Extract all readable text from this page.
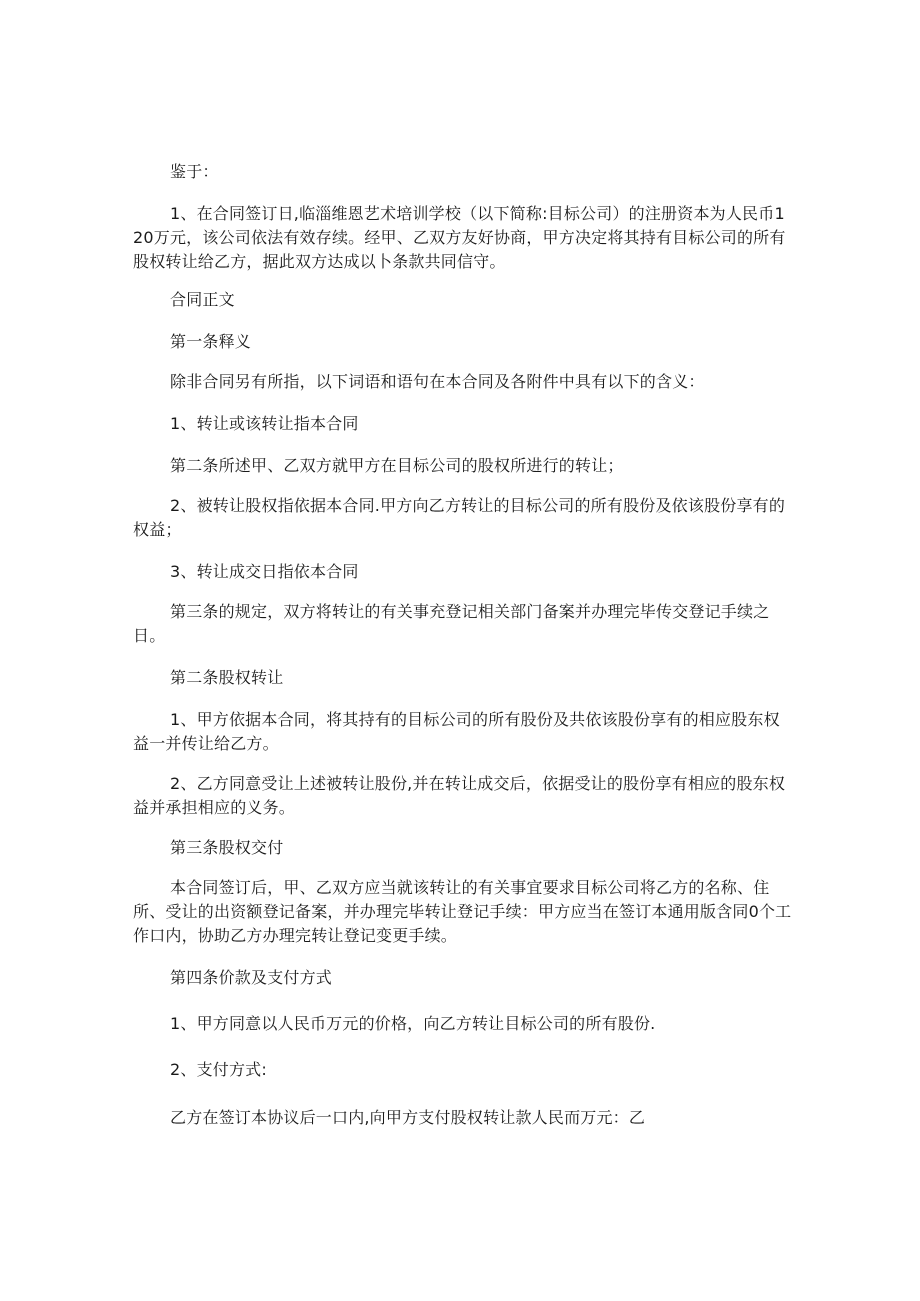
鉴于：

1、在合同签订日,临淄维恩艺术培训学校（以下简称:目标公司）的注册资本为人民币120万元，该公司依法有效存续。经甲、乙双方友好协商，甲方决定将其持有目标公司的所有股权转让给乙方，据此双方达成以卜条款共同信守。

合同正文

第一条释义

除非合同另有所指，以下词语和语句在本合同及各附件中具有以下的含义：

1、转让或该转让指本合同

第二条所述甲、乙双方就甲方在目标公司的股权所进行的转让；

2、被转让股权指依据本合同.甲方向乙方转让的目标公司的所有股份及依该股份享有的权益；

3、转让成交日指依本合同

第三条的规定，双方将转让的有关事充登记相关部门备案并办理完毕传交登记手续之日。

第二条股权转让

1、甲方依据本合同，将其持有的目标公司的所有股份及共依该股份享有的相应股东权益一并传让给乙方。

2、乙方同意受让上述被转让股份,并在转让成交后，依据受让的股份享有相应的股东权益并承担相应的义务。

第三条股权交付

本合同签订后，甲、乙双方应当就该转让的有关事宜要求目标公司将乙方的名称、住所、受让的出资额登记备案，并办理完毕转让登记手续：甲方应当在签订本通用版含同0个工作口内，协助乙方办理完转让登记变更手续。

第四条价款及支付方式

1、甲方同意以人民币万元的价格，向乙方转让目标公司的所有股份.

2、支付方式:

乙方在签订本协议后一口内,向甲方支付股权转让款人民而万元：乙
